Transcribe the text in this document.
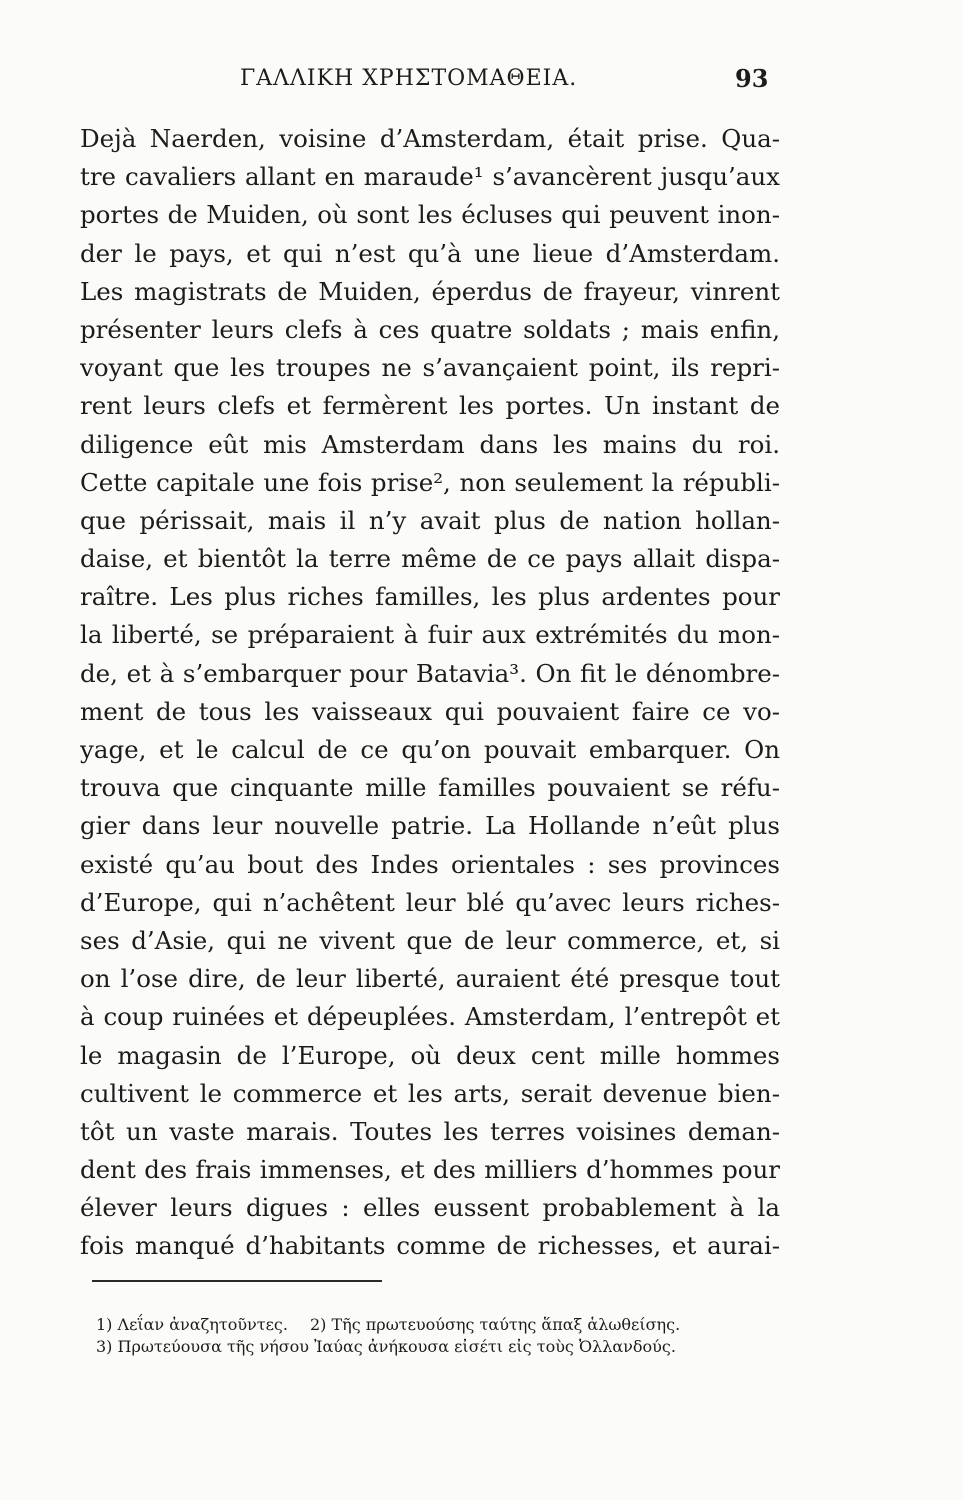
ΓΑΛΛΙΚΗ ΧΡΗΣΤΟΜΑΘΕΙΑ.	93
Dejà Naerden, voisine d’Amsterdam, était prise. Qua-
tre cavaliers allant en maraude¹ s’avancèrent jusqu’aux
portes de Muiden, où sont les écluses qui peuvent inon-
der le pays, et qui n’est qu’à une lieue d’Amsterdam.
Les magistrats de Muiden, éperdus de frayeur, vinrent
présenter leurs clefs à ces quatre soldats ; mais enfin,
voyant que les troupes ne s’avançaient point, ils repri-
rent leurs clefs et fermèrent les portes. Un instant de
diligence eût mis Amsterdam dans les mains du roi.
Cette capitale une fois prise², non seulement la républi-
que périssait, mais il n’y avait plus de nation hollan-
daise, et bientôt la terre même de ce pays allait dispa-
raître. Les plus riches familles, les plus ardentes pour
la liberté, se préparaient à fuir aux extrémités du mon-
de, et à s’embarquer pour Batavia³. On fit le dénombre-
ment de tous les vaisseaux qui pouvaient faire ce vo-
yage, et le calcul de ce qu’on pouvait embarquer. On
trouva que cinquante mille familles pouvaient se réfu-
gier dans leur nouvelle patrie. La Hollande n’eût plus
existé qu’au bout des Indes orientales : ses provinces
d’Europe, qui n’achêtent leur blé qu’avec leurs riches-
ses d’Asie, qui ne vivent que de leur commerce, et, si
on l’ose dire, de leur liberté, auraient été presque tout
à coup ruinées et dépeuplées. Amsterdam, l’entrepôt et
le magasin de l’Europe, où deux cent mille hommes
cultivent le commerce et les arts, serait devenue bien-
tôt un vaste marais. Toutes les terres voisines deman-
dent des frais immenses, et des milliers d’hommes pour
élever leurs digues : elles eussent probablement à la
fois manqué d’habitants comme de richesses, et aurai-
1) Λεΐαν ἀναζητοῦντες. 2) Τῆς πρωτευούσης ταύτης ἅπαξ ἁλωθείσης.
3) Πρωτεύουσα τῆς νήσου Ἰαύας ἀνήκουσα εἰσέτι εἰς τοὺς Ὀλλανδούς.
